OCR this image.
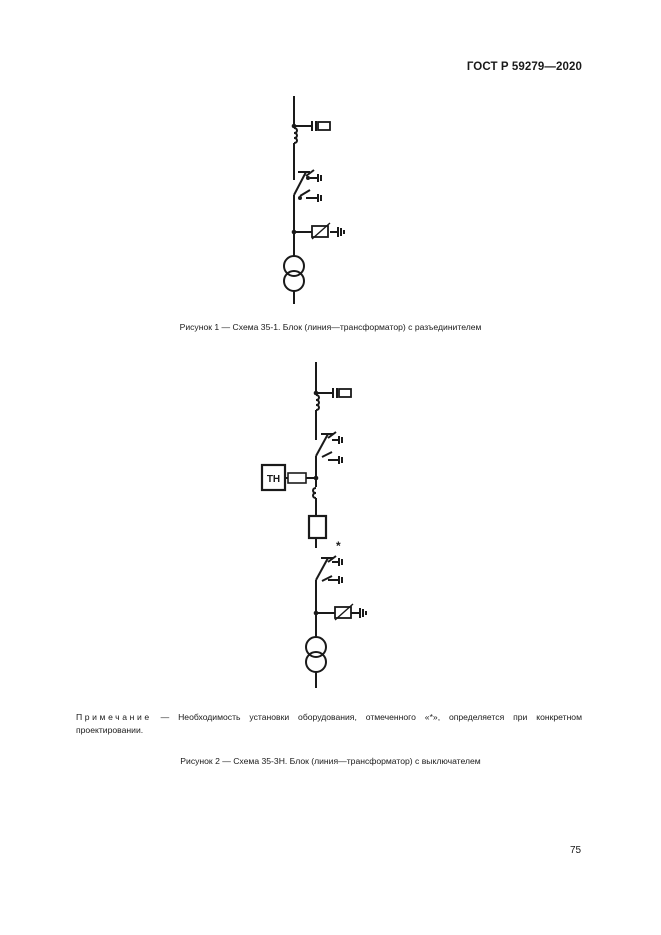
ГОСТ Р 59279—2020
Рисунок 1 — Схема 35-1. Блок (линия—трансформатор) с разъединителем
ТН
*
Примечание — Необходимость установки оборудования, отмеченного «*», определяется при конкретном проектировании.
Рисунок 2 — Схема 35-3Н. Блок (линия—трансформатор) с выключателем
75
